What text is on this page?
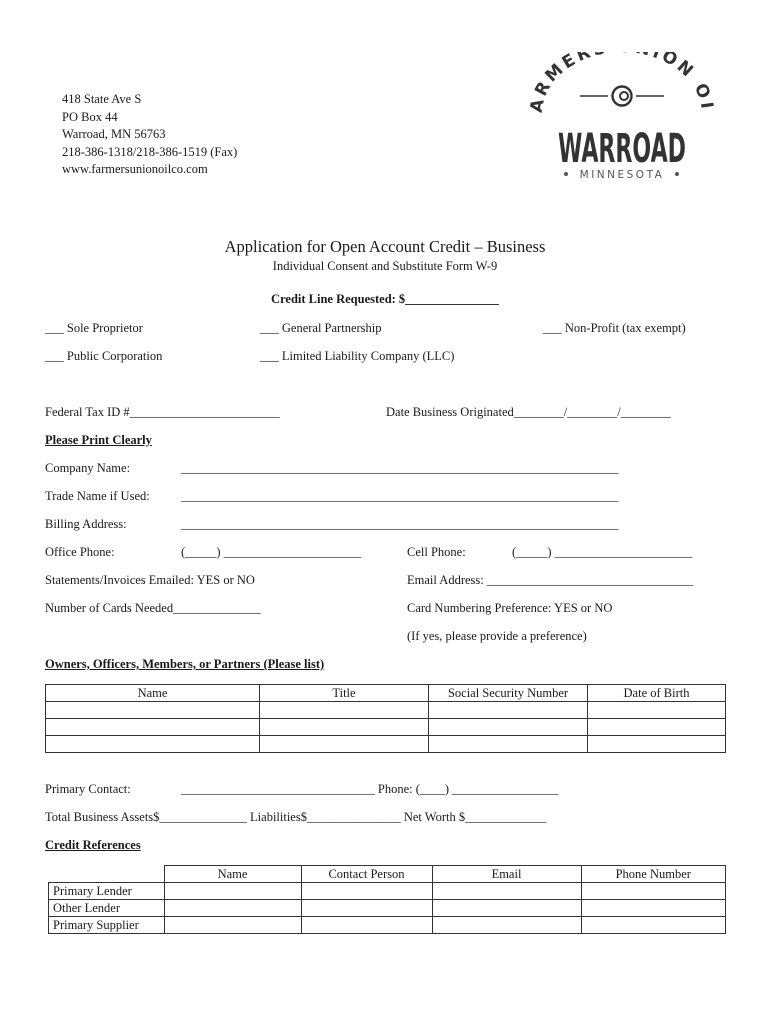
418 State Ave S
PO Box 44
Warroad, MN 56763
218-386-1318/218-386-1519 (Fax)
www.farmersunionoilco.com
ARMER ION OI
WARROAD
MINNESOTA
Application for Open Account Credit – Business
Individual Consent and Substitute Form W-9
Credit Line Requested: $_______________
___ Sole Proprietor	___ General Partnership	___ Non-Profit (tax exempt)
___ Public Corporation	___ Limited Liability Company (LLC)
Federal Tax ID #________________________	Date Business Originated________/________/________
Please Print Clearly
Company Name:	______________________________________________________________________
Trade Name if Used:	______________________________________________________________________
Billing Address:	______________________________________________________________________
Office Phone:	(_____) ______________________	Cell Phone:	(_____) ______________________
Statements/Invoices Emailed: YES or NO	Email Address: _________________________________
Number of Cards Needed______________	Card Numbering Preference: YES or NO
(If yes, please provide a preference)
Owners, Officers, Members, or Partners (Please list)
Name	Title	Social Security Number	Date of Birth

Primary Contact:	_______________________________ Phone: (____) _________________
Total Business Assets$______________ Liabilities$_______________ Net Worth $_____________
Credit References
	Name	Contact Person	Email	Phone Number
Primary Lender				
Other Lender				
Primary Supplier				
